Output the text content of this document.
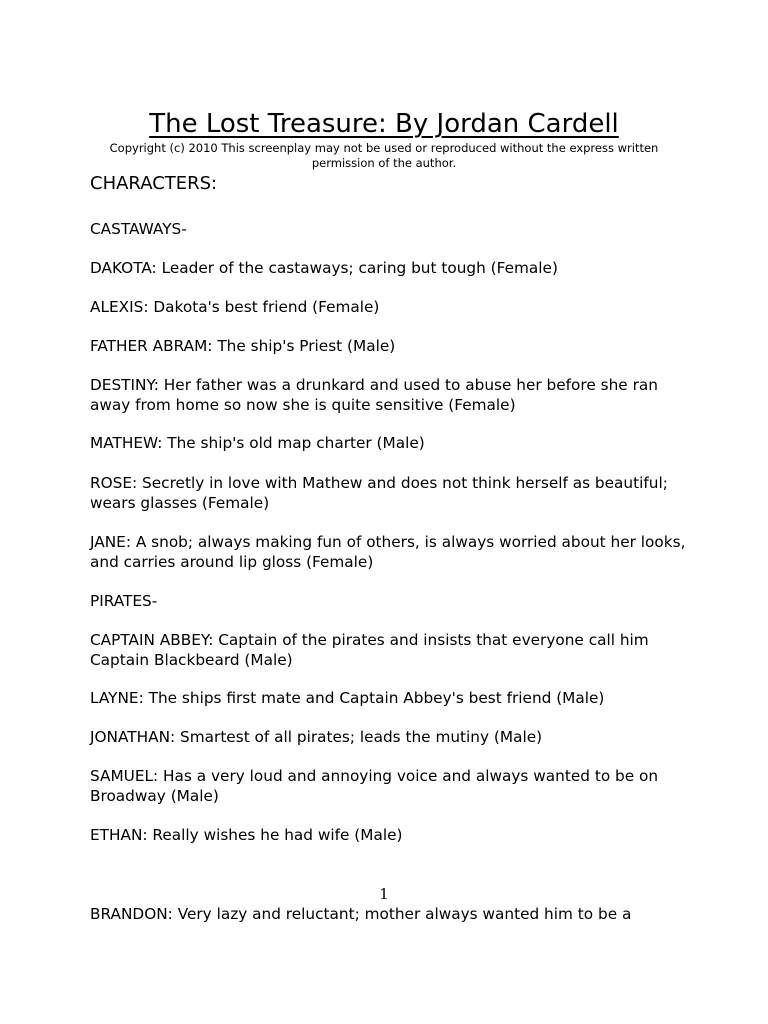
The Lost Treasure: By Jordan Cardell
Copyright (c) 2010 This screenplay may not be used or reproduced without the express written permission of the author.
CHARACTERS:
CASTAWAYS-
DAKOTA: Leader of the castaways; caring but tough (Female)
ALEXIS: Dakota's best friend (Female)
FATHER ABRAM: The ship's Priest (Male)
DESTINY: Her father was a drunkard and used to abuse her before she ran away from home so now she is quite sensitive (Female)
MATHEW: The ship's old map charter (Male)
ROSE: Secretly in love with Mathew and does not think herself as beautiful; wears glasses (Female)
JANE: A snob; always making fun of others, is always worried about her looks, and carries around lip gloss (Female)
PIRATES-
CAPTAIN ABBEY: Captain of the pirates and insists that everyone call him Captain Blackbeard (Male)
LAYNE: The ships first mate and Captain Abbey's best friend (Male)
JONATHAN: Smartest of all pirates; leads the mutiny (Male)
SAMUEL: Has a very loud and annoying voice and always wanted to be on Broadway (Male)
ETHAN: Really wishes he had wife (Male)
1
BRANDON: Very lazy and reluctant; mother always wanted him to be a
